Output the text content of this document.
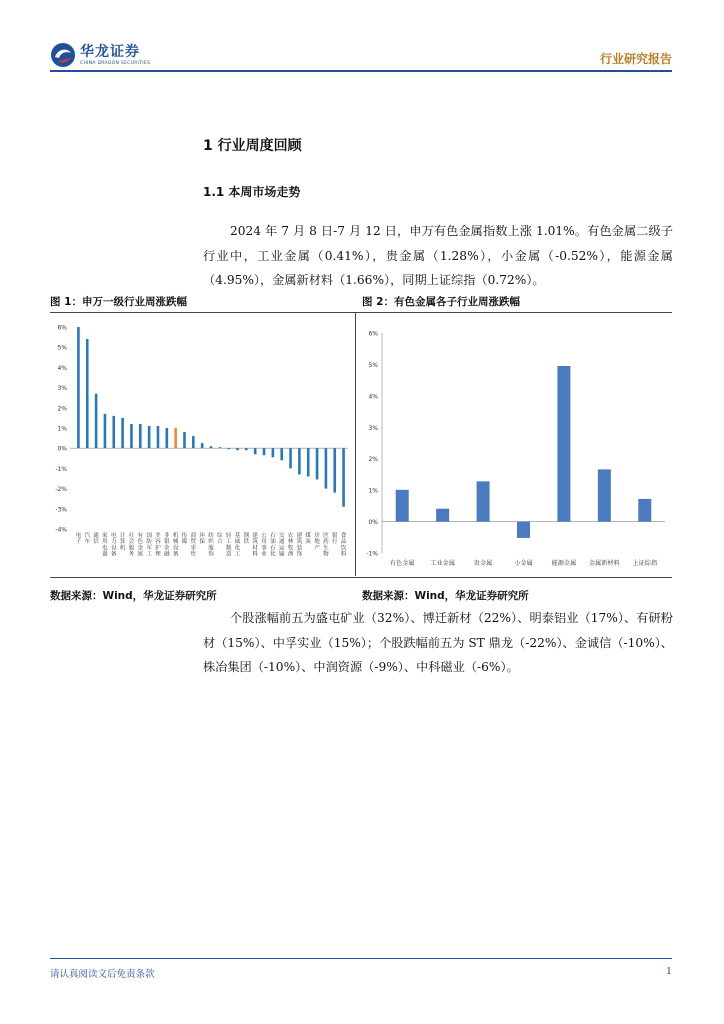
华龙证券
CHINA DRAGON SECURITIES	行业研究报告
1 行业周度回顾
1.1 本周市场走势
2024 年 7 月 8 日-7 月 12 日，申万有色金属指数上涨 1.01%。有色金属二级子行业中，工业金属（0.41%），贵金属（1.28%），小金属（-0.52%），能源金属（4.95%），金属新材料（1.66%），同期上证综指（0.72%）。
图 1：申万一级行业周涨跌幅	图 2：有色金属各子行业周涨跌幅
6%
5%
4%
3%
2%
1%
0%
-1%
-2%
-3%
-4%
电子
汽车
通信
家用电器
电力设备
计算机
社会服务
有色金属
国防军工
美容护理
非银金融
机械设备
传媒
商贸零售
环保
纺织服饰
综合
轻工制造
基础化工
钢铁
建筑材料
公用事业
石油石化
交通运输
农林牧渔
建筑装饰
煤炭
房地产
医药生物
银行
食品饮料
6%
5%
4%
3%
2%
1%
0%
-1%
有色金属	工业金属	贵金属	小金属	能源金属 金属新材料 上证综指
数据来源：Wind，华龙证券研究所	数据来源：Wind，华龙证券研究所
个股涨幅前五为盛屯矿业（32%）、博迁新材（22%）、明泰铝业（17%）、有研粉材（15%）、中孚实业（15%）；个股跌幅前五为 ST 鼎龙（-22%）、金诚信（-10%）、株冶集团（-10%）、中润资源（-9%）、中科磁业（-6%）。
请认真阅读文后免责条款	1
